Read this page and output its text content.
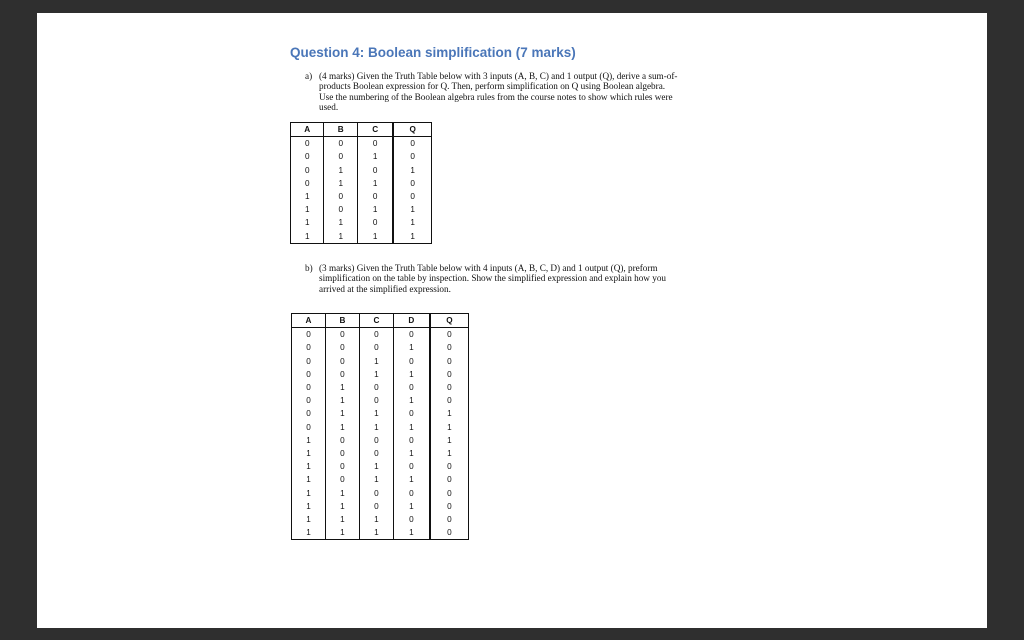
Question 4: Boolean simplification (7 marks)
a) (4 marks) Given the Truth Table below with 3 inputs (A, B, C) and 1 output (Q), derive a sum-of-products Boolean expression for Q. Then, perform simplification on Q using Boolean algebra. Use the numbering of the Boolean algebra rules from the course notes to show which rules were used.
A	B	C	Q
0	0	0	0
0	0	1	0
0	1	0	1
0	1	1	0
1	0	0	0
1	0	1	1
1	1	0	1
1	1	1	1
b) (3 marks) Given the Truth Table below with 4 inputs (A, B, C, D) and 1 output (Q), preform simplification on the table by inspection. Show the simplified expression and explain how you arrived at the simplified expression.
A	B	C	D	Q
0	0	0	0	0
0	0	0	1	0
0	0	1	0	0
0	0	1	1	0
0	1	0	0	0
0	1	0	1	0
0	1	1	0	1
0	1	1	1	1
1	0	0	0	1
1	0	0	1	1
1	0	1	0	0
1	0	1	1	0
1	1	0	0	0
1	1	0	1	0
1	1	1	0	0
1	1	1	1	0
